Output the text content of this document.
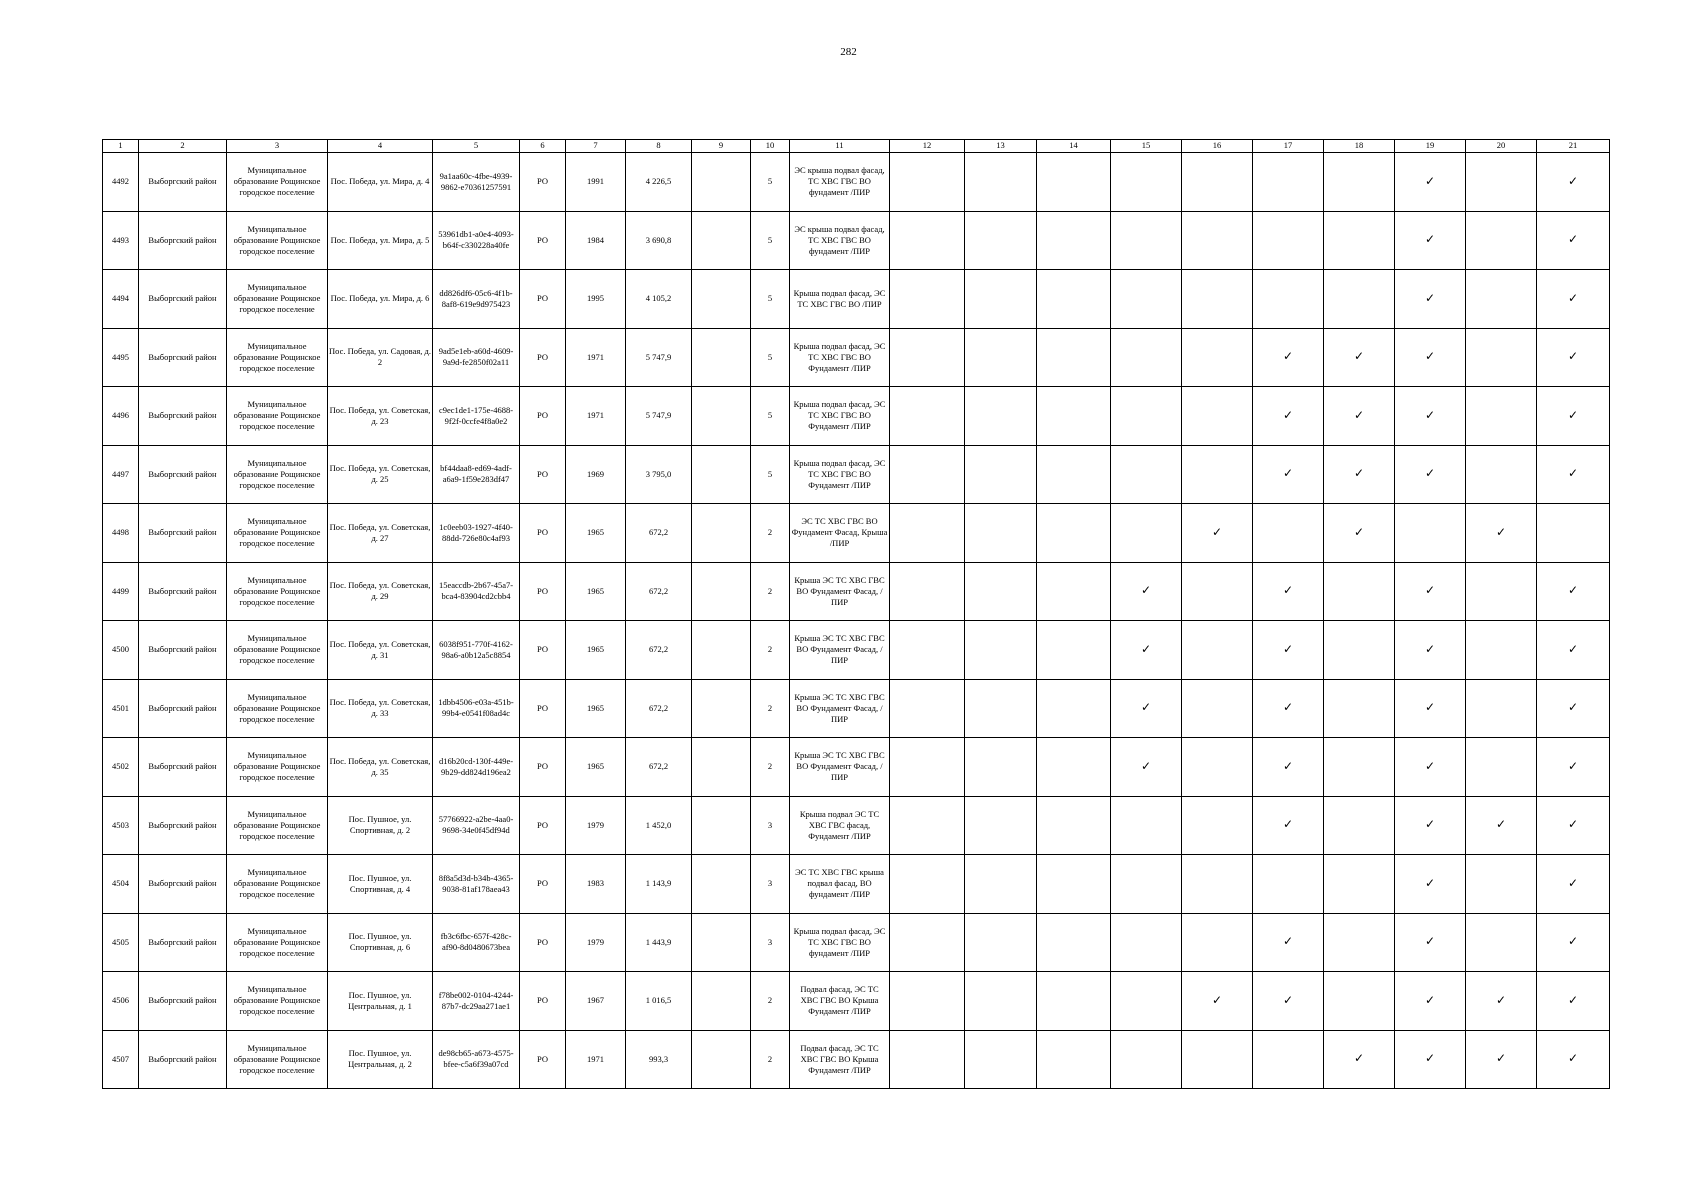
282
1	2	3	4	5	6	7	8	9	10	11	12	13	14	15	16	17	18	19	20	21
4492	Выборгский район	Муниципальное образование Рощинское городское поселение	Пос. Победа, ул. Мира, д. 4	9a1aa60c-4fbe-4939-9862-e70361257591	РО	1991	4 226,5		5	ЭС крыша подвал фасад, ТС ХВС ГВС ВО фундамент /ПИР								✓		✓
4493	Выборгский район	Муниципальное образование Рощинское городское поселение	Пос. Победа, ул. Мира, д. 5	53961db1-a0e4-4093-b64f-c330228a40fe	РО	1984	3 690,8		5	ЭС крыша подвал фасад, ТС ХВС ГВС ВО фундамент /ПИР								✓		✓
4494	Выборгский район	Муниципальное образование Рощинское городское поселение	Пос. Победа, ул. Мира, д. 6	dd826df6-05c6-4f1b-8af8-619e9d975423	РО	1995	4 105,2		5	Крыша подвал фасад, ЭС ТС ХВС ГВС ВО /ПИР								✓		✓
4495	Выборгский район	Муниципальное образование Рощинское городское поселение	Пос. Победа, ул. Садовая, д. 2	9ad5e1eb-a60d-4609-9a9d-fe2850f02a11	РО	1971	5 747,9		5	Крыша подвал фасад, ЭС ТС ХВС ГВС ВО Фундамент /ПИР						✓	✓	✓		✓
4496	Выборгский район	Муниципальное образование Рощинское городское поселение	Пос. Победа, ул. Советская, д. 23	c9ec1de1-175e-4688-9f2f-0ccfe4f8a0e2	РО	1971	5 747,9		5	Крыша подвал фасад, ЭС ТС ХВС ГВС ВО Фундамент /ПИР						✓	✓	✓		✓
4497	Выборгский район	Муниципальное образование Рощинское городское поселение	Пос. Победа, ул. Советская, д. 25	bf44daa8-ed69-4adf-a6a9-1f59e283df47	РО	1969	3 795,0		5	Крыша подвал фасад, ЭС ТС ХВС ГВС ВО Фундамент /ПИР						✓	✓	✓		✓
4498	Выборгский район	Муниципальное образование Рощинское городское поселение	Пос. Победа, ул. Советская, д. 27	1c0eeb03-1927-4f40-88dd-726e80c4af93	РО	1965	672,2		2	ЭС ТС ХВС ГВС ВО Фундамент Фасад, Крыша /ПИР					✓		✓		✓	
4499	Выборгский район	Муниципальное образование Рощинское городское поселение	Пос. Победа, ул. Советская, д. 29	15eaccdb-2b67-45a7-bca4-83904cd2cbb4	РО	1965	672,2		2	Крыша ЭС ТС ХВС ГВС ВО Фундамент Фасад, /ПИР				✓		✓		✓		✓
4500	Выборгский район	Муниципальное образование Рощинское городское поселение	Пос. Победа, ул. Советская, д. 31	6038f951-770f-4162-98a6-a0b12a5c8854	РО	1965	672,2		2	Крыша ЭС ТС ХВС ГВС ВО Фундамент Фасад, /ПИР				✓		✓		✓		✓
4501	Выборгский район	Муниципальное образование Рощинское городское поселение	Пос. Победа, ул. Советская, д. 33	1dbb4506-e03a-451b-99b4-e0541f08ad4c	РО	1965	672,2		2	Крыша ЭС ТС ХВС ГВС ВО Фундамент Фасад, /ПИР				✓		✓		✓		✓
4502	Выборгский район	Муниципальное образование Рощинское городское поселение	Пос. Победа, ул. Советская, д. 35	d16b20cd-130f-449e-9b29-dd824d196ea2	РО	1965	672,2		2	Крыша ЭС ТС ХВС ГВС ВО Фундамент Фасад, /ПИР				✓		✓		✓		✓
4503	Выборгский район	Муниципальное образование Рощинское городское поселение	Пос. Пушное, ул. Спортивная, д. 2	57766922-a2be-4aa0-9698-34e0f45df94d	РО	1979	1 452,0		3	Крыша подвал ЭС ТС ХВС ГВС фасад, Фундамент /ПИР						✓		✓	✓	✓
4504	Выборгский район	Муниципальное образование Рощинское городское поселение	Пос. Пушное, ул. Спортивная, д. 4	8f8a5d3d-b34b-4365-9038-81af178aea43	РО	1983	1 143,9		3	ЭС ТС ХВС ГВС крыша подвал фасад, ВО фундамент /ПИР								✓		✓
4505	Выборгский район	Муниципальное образование Рощинское городское поселение	Пос. Пушное, ул. Спортивная, д. 6	fb3c6fbc-657f-428c-af90-8d0480673bea	РО	1979	1 443,9		3	Крыша подвал фасад, ЭС ТС ХВС ГВС ВО фундамент /ПИР						✓		✓		✓
4506	Выборгский район	Муниципальное образование Рощинское городское поселение	Пос. Пушное, ул. Центральная, д. 1	f78be002-0104-4244-87b7-dc29aa271ae1	РО	1967	1 016,5		2	Подвал фасад, ЭС ТС ХВС ГВС ВО Крыша Фундамент /ПИР					✓	✓		✓	✓	✓
4507	Выборгский район	Муниципальное образование Рощинское городское поселение	Пос. Пушное, ул. Центральная, д. 2	de98cb65-a673-4575-bfee-c5a6f39a07cd	РО	1971	993,3		2	Подвал фасад, ЭС ТС ХВС ГВС ВО Крыша Фундамент /ПИР							✓	✓	✓	✓
